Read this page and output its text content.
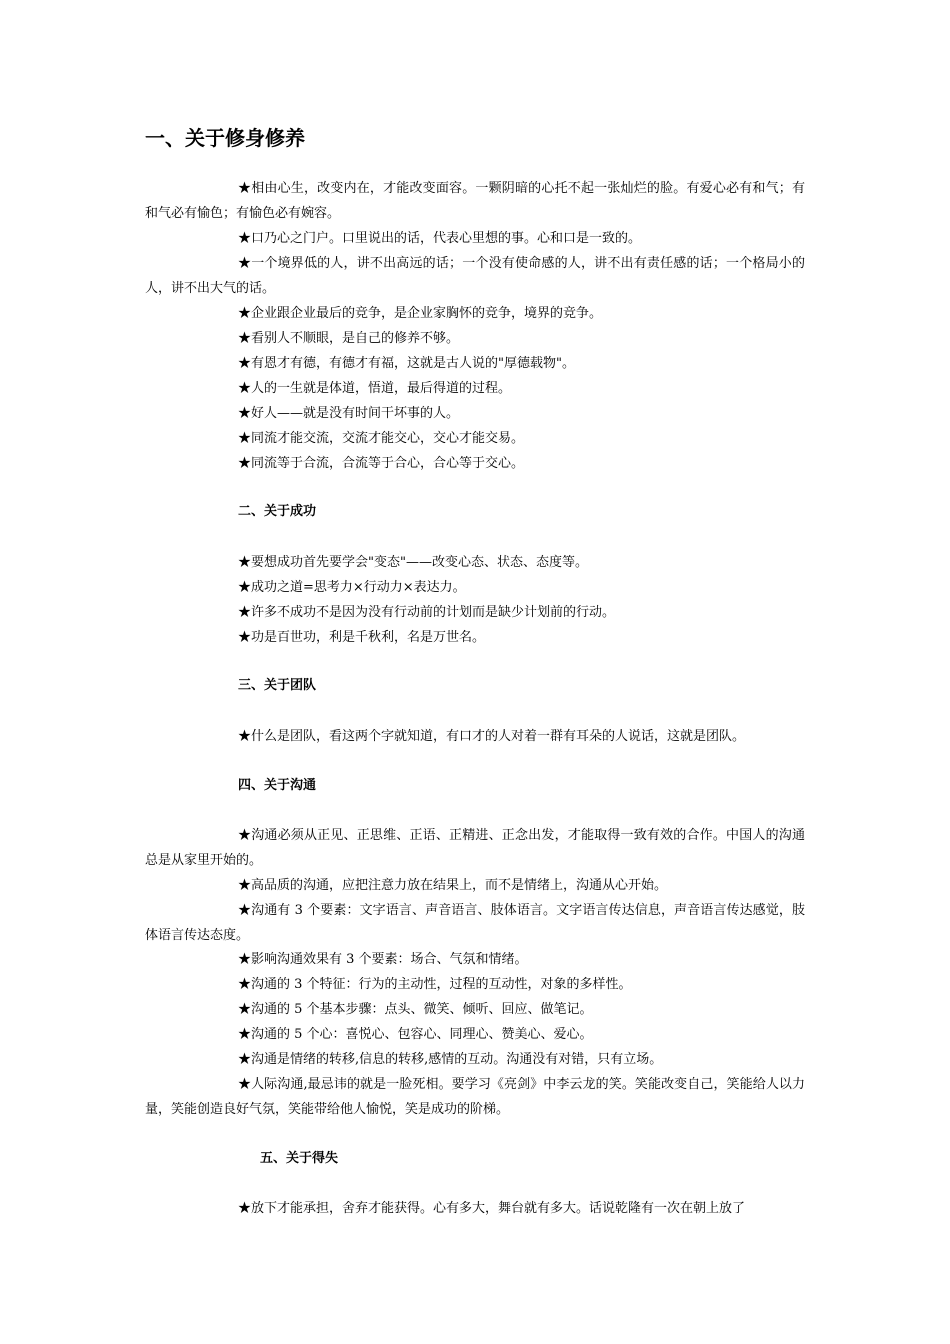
一、关于修身修养

★相由心生，改变内在，才能改变面容。一颗阴暗的心托不起一张灿烂的脸。有爱心必有和气；有和气必有愉色；有愉色必有婉容。

★口乃心之门户。口里说出的话，代表心里想的事。心和口是一致的。

★一个境界低的人，讲不出高远的话；一个没有使命感的人，讲不出有责任感的话；一个格局小的人，讲不出大气的话。

★企业跟企业最后的竞争，是企业家胸怀的竞争，境界的竞争。

★看别人不顺眼，是自己的修养不够。

★有恩才有德，有德才有福，这就是古人说的"厚德载物"。

★人的一生就是体道，悟道，最后得道的过程。

★好人——就是没有时间干坏事的人。

★同流才能交流，交流才能交心，交心才能交易。

★同流等于合流，合流等于合心，合心等于交心。

二、关于成功

★要想成功首先要学会"变态"——改变心态、状态、态度等。

★成功之道=思考力×行动力×表达力。

★许多不成功不是因为没有行动前的计划而是缺少计划前的行动。

★功是百世功，利是千秋利，名是万世名。

三、关于团队

★什么是团队，看这两个字就知道，有口才的人对着一群有耳朵的人说话，这就是团队。

四、关于沟通

★沟通必须从正见、正思维、正语、正精进、正念出发，才能取得一致有效的合作。中国人的沟通总是从家里开始的。

★高品质的沟通，应把注意力放在结果上，而不是情绪上，沟通从心开始。

★沟通有 3 个要素：文字语言、声音语言、肢体语言。文字语言传达信息，声音语言传达感觉，肢体语言传达态度。

★影响沟通效果有 3 个要素：场合、气氛和情绪。

★沟通的 3 个特征：行为的主动性，过程的互动性，对象的多样性。

★沟通的 5 个基本步骤：点头、微笑、倾听、回应、做笔记。

★沟通的 5 个心：喜悦心、包容心、同理心、赞美心、爱心。

★沟通是情绪的转移,信息的转移,感情的互动。沟通没有对错，只有立场。

★人际沟通,最忌讳的就是一脸死相。要学习《亮剑》中李云龙的笑。笑能改变自己，笑能给人以力量，笑能创造良好气氛，笑能带给他人愉悦，笑是成功的阶梯。

五、关于得失

★放下才能承担，舍弃才能获得。心有多大，舞台就有多大。话说乾隆有一次在朝上放了
